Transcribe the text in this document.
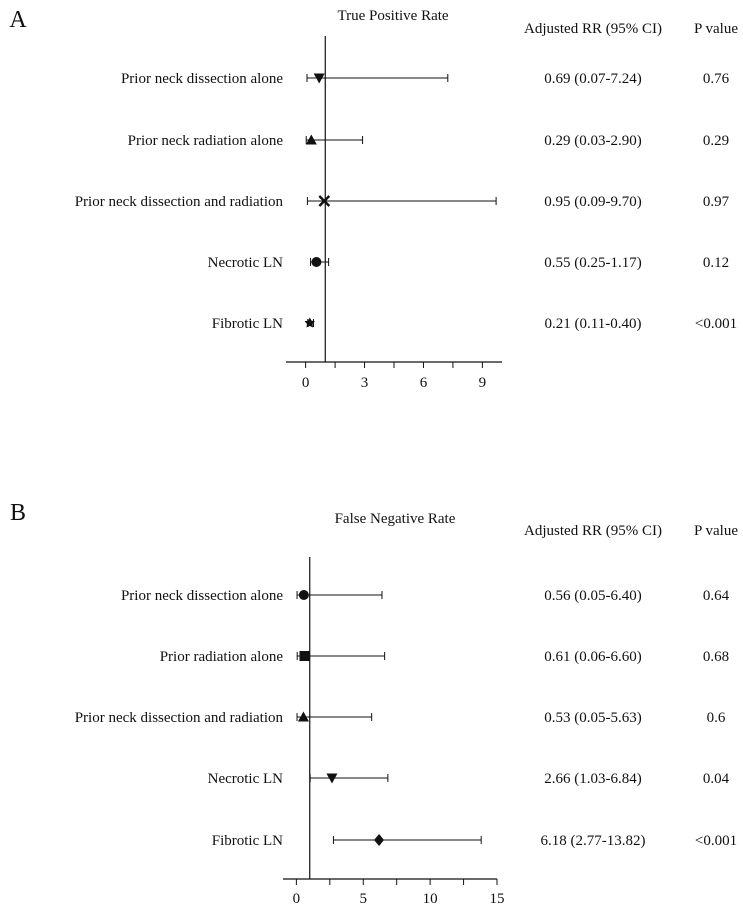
A	True Positive Rate
Adjusted RR (95% CI) P value
0	3	6	9
Prior neck dissection alone	0.69 (0.07-7.24)	0.76
Prior neck radiation alone	0.29 (0.03-2.90)	0.29
Prior neck dissection and radiation	0.95 (0.09-9.70)	0.97
Necrotic LN	0.55 (0.25-1.17)	0.12
Fibrotic LN	0.21 (0.11-0.40)	<0.001
B	False Negative Rate
Adjusted RR (95% CI) P value
0	5	10	15
Prior neck dissection alone	0.56 (0.05-6.40)	0.64
Prior radiation alone	0.61 (0.06-6.60)	0.68
Prior neck dissection and radiation	0.53 (0.05-5.63)	0.6
Necrotic LN	2.66 (1.03-6.84)	0.04
Fibrotic LN	6.18 (2.77-13.82)	<0.001
